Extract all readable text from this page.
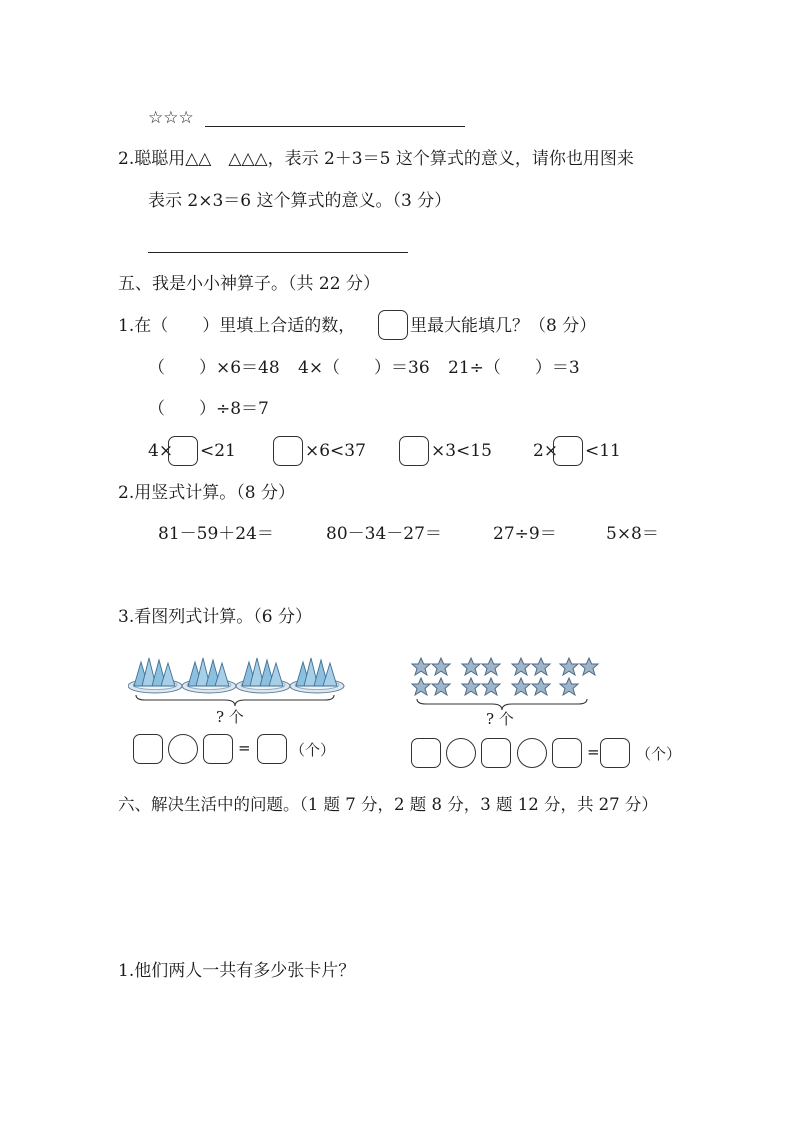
☆☆☆
2.聪聪用△△　△△△，表示 2＋3＝5 这个算式的意义，请你也用图来
表示 2×3＝6 这个算式的意义。（3 分）
五、我是小小神算子。（共 22 分）
1.在（　　）里填上合适的数，	里最大能填几？（8 分）
（　　）×6＝48 4×（　　）＝36 21÷（　　）＝3
（　　）÷8＝7
4× <21	×6<37	×3<15 2× <11
2.用竖式计算。（8 分）
81－59＋24＝	80－34－27＝	27÷9＝	5×8＝
3.看图列式计算。（6 分）
? 个
=	（个）
? 个
= （个）
六、解决生活中的问题。（1 题 7 分，2 题 8 分，3 题 12 分，共 27 分）
1.他们两人一共有多少张卡片？
